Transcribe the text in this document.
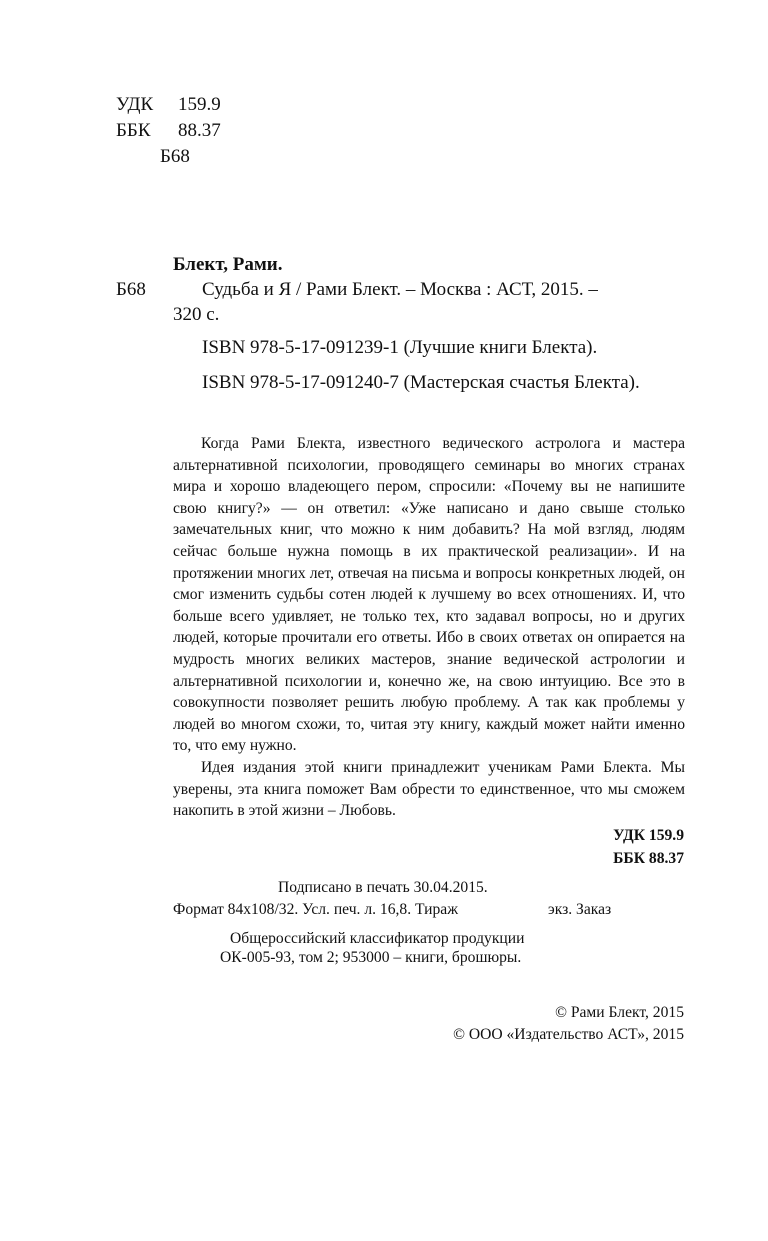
УДК 159.9
ББК 88.37
Б68
Блект, Рами.
Б68	Судьба и Я / Рами Блект. – Москва : АСТ, 2015. –
320 с.
ISBN 978-5-17-091239-1 (Лучшие книги Блекта).
ISBN 978-5-17-091240-7 (Мастерская счастья Блекта).

Когда Рами Блекта, известного ведического астролога и мастера альтернативной психологии, проводящего семинары во многих странах мира и хорошо владеющего пером, спросили: «Почему вы не напишите свою книгу?» — он ответил: «Уже написано и дано свыше столько замечательных книг, что можно к ним добавить? На мой взгляд, людям сейчас больше нужна помощь в их практической реализации». И на протяжении многих лет, отвечая на письма и вопросы конкретных людей, он смог изменить судьбы сотен людей к лучшему во всех отношениях. И, что больше всего удивляет, не только тех, кто задавал вопросы, но и других людей, которые прочитали его ответы. Ибо в своих ответах он опирается на мудрость многих великих мастеров, знание ведической астрологии и альтернативной психологии и, конечно же, на свою интуицию. Все это в совокупности позволяет решить любую проблему. А так как проблемы у людей во многом схожи, то, читая эту книгу, каждый может найти именно то, что ему нужно.

Идея издания этой книги принадлежит ученикам Рами Блекта. Мы уверены, эта книга поможет Вам обрести то единственное, что мы сможем накопить в этой жизни – Любовь.

УДК 159.9
ББК 88.37
Подписано в печать 30.04.2015.
Формат 84х108/32. Усл. печ. л. 16,8. Тираж	экз. Заказ
Общероссийский классификатор продукции
ОК-005-93, том 2; 953000 – книги, брошюры.
© Рами Блект, 2015
© ООО «Издательство АСТ», 2015
